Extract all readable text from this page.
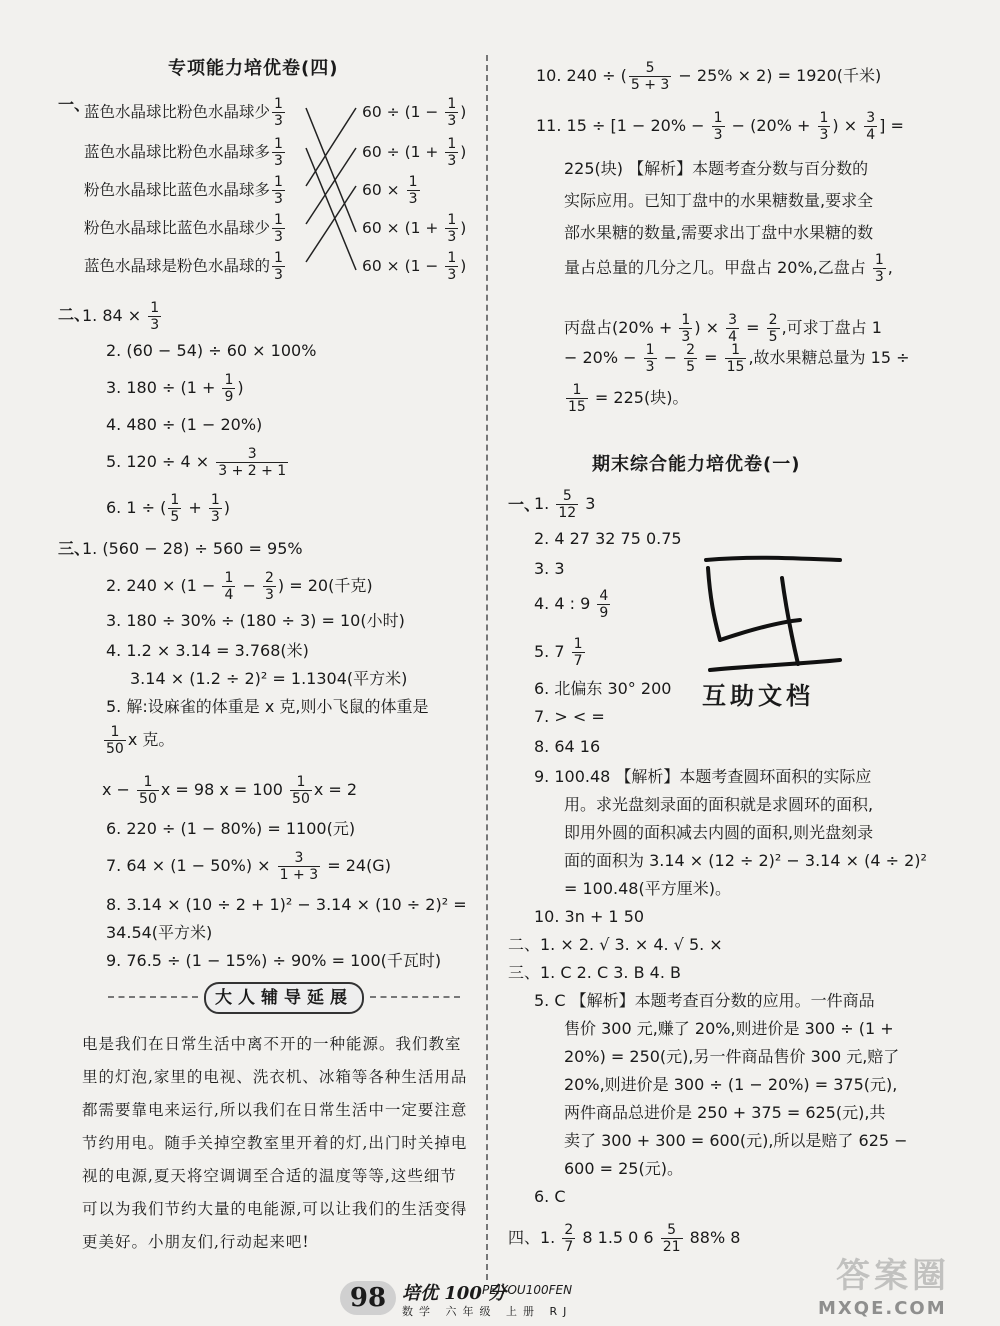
专项能力培优卷(四)
一、
蓝色水晶球比粉色水晶球少 $\frac{1}{3}$
蓝色水晶球比粉色水晶球多 $\frac{1}{3}$
粉色水晶球比蓝色水晶球多 $\frac{1}{3}$
粉色水晶球比蓝色水晶球少 $\frac{1}{3}$
蓝色水晶球是粉色水晶球的 $\frac{1}{3}$
$60 \div (1 - \frac{1}{3}$ )
$60 \div (1 + \frac{1}{3}$ )
$60 \times \frac{1}{3}$
$60 \times (1 + \frac{1}{3}$ )
$60 \times (1 - \frac{1}{3}$ )
二、
1. $84 \times \frac{1}{3}$
2. (60 − 54) ÷ 60 × 100%
3. $180 \div (1 + \frac{1}{9}$ )
4. 480 ÷ (1 − 20%)
5. $120 \div 4 \times \frac{3}{3 + 2 + 1}$
6. 1 ÷ ( $\frac{1}{5} + \frac{1}{3}$ )
三、
1. (560 − 28) ÷ 560 = 95%
2. $240 \times (1 - \frac{1}{4} - \frac{2}{3}$ ) = 20(千克)
3. 180 ÷ 30% ÷ (180 ÷ 3) = 10(小时)
4. 1.2 × 3.14 = 3.768(米)
3.14 × (1.2 ÷ 2)² = 1.1304(平方米)
5. 解:设麻雀的体重是 x 克,则小飞鼠的体重是
$\frac{1}{50}$ x 克。
$x - \frac{1}{50}$ x = 98 $x = 100 \frac{1}{50}$ x = 2
6. 220 ÷ (1 − 80%) = 1100(元)
7. $64 \times (1 - 50\%) \times \frac{3}{1 + 3} = 24(G)$
8. 3.14 × (10 ÷ 2 + 1)² − 3.14 × (10 ÷ 2)² =
34.54(平方米)
9. 76.5 ÷ (1 − 15%) ÷ 90% = 100(千瓦时)
大人辅导延展
电是我们在日常生活中离不开的一种能源。我们教室里的灯泡,家里的电视、洗衣机、冰箱等各种生活用品都需要靠电来运行,所以我们在日常生活中一定要注意节约用电。随手关掉空教室里开着的灯,出门时关掉电视的电源,夏天将空调调至合适的温度等等,这些细节可以为我们节约大量的电能源,可以让我们的生活变得更美好。小朋友们,行动起来吧!
10. 240 ÷ ( $\frac{5}{5 + 3} - 25\% \times 2) = 1920$(千米)
11. $15 \div [1 - 20\% - \frac{1}{3} - (20\% + \frac{1}{3}$ ) × $\frac{3}{4}$ ] =
225(块) 【解析】本题考查分数与百分数的
实际应用。已知丁盘中的水果糖数量,要求全
部水果糖的数量,需要求出丁盘中水果糖的数
量占总量的几分之几。甲盘占 20%,乙盘占 $\frac{1}{3}$ ,
丙盘占($20\% + \frac{1}{3}$ ) × $\frac{3}{4} = \frac{2}{5}$ ,可求丁盘占 1
− $20\% - \frac{1}{3} - \frac{2}{5} = \frac{1}{15}$ ,故水果糖总量为 15 ÷
$\frac{1}{15} = 225$(块)。
期末综合能力培优卷(一)
一、
1. $\frac{5}{12} 3$
2. 4 27 32 75 0.75
3. 3
4. 4 : $9 \frac{4}{9}$
5. $7 \frac{1}{7}$
6. 北偏东 30° 200
7. > < =
8. 64 16
9. 100.48 【解析】本题考查圆环面积的实际应
用。求光盘刻录面的面积就是求圆环的面积,
即用外圆的面积减去内圆的面积,则光盘刻录
面的面积为 3.14 × (12 ÷ 2)² − 3.14 × (4 ÷ 2)²
= 100.48(平方厘米)。
10. 3n + 1 50
二、1. × 2. √ 3. × 4. √ 5. ×
三、1. C 2. C 3. B 4. B
5. C 【解析】本题考查百分数的应用。一件商品
售价 300 元,赚了 20%,则进价是 300 ÷ (1 +
20%) = 250(元),另一件商品售价 300 元,赔了
20%,则进价是 300 ÷ (1 − 20%) = 375(元),
两件商品总进价是 250 + 375 = 625(元),共
卖了 300 + 300 = 600(元),所以是赔了 625 −
600 = 25(元)。
6. C
四、1. $\frac{2}{7} 8$ 1.5 0 $6 \frac{5}{21} 88\%$ 8
互助文档
98 培优 100 分
PEIYOU100FEN
数学 六年级 上册 RJ
答案圈
MXQE.COM
